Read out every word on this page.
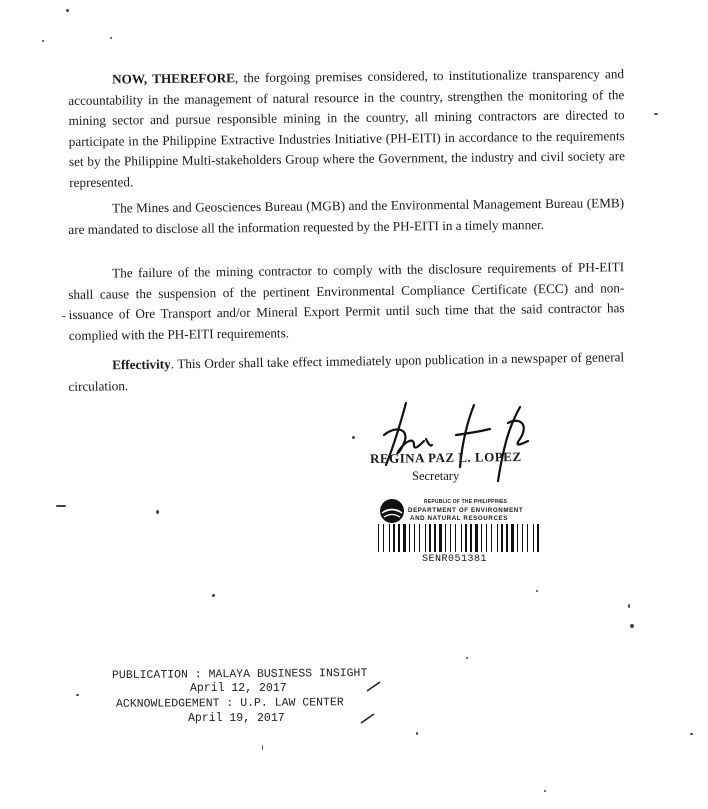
NOW, THEREFORE, the forgoing premises considered, to institutionalize transparency and accountability in the management of natural resource in the country, strengthen the monitoring of the mining sector and pursue responsible mining in the country, all mining contractors are directed to participate in the Philippine Extractive Industries Initiative (PH-EITI) in accordance to the requirements set by the Philippine Multi-stakeholders Group where the Government, the industry and civil society are represented.

The Mines and Geosciences Bureau (MGB) and the Environmental Management Bureau (EMB) are mandated to disclose all the information requested by the PH-EITI in a timely manner.

The failure of the mining contractor to comply with the disclosure requirements of PH-EITI shall cause the suspension of the pertinent Environmental Compliance Certificate (ECC) and non-issuance of Ore Transport and/or Mineral Export Permit until such time that the said contractor has complied with the PH-EITI requirements.

Effectivity. This Order shall take effect immediately upon publication in a newspaper of general circulation.

REGINA PAZ L. LOPEZ
Secretary
REPUBLIC OF THE PHILIPPINES
DEPARTMENT OF ENVIRONMENT
AND NATURAL RESOURCES
SENR051381
PUBLICATION : MALAYA BUSINESS INSIGHT
April 12, 2017
ACKNOWLEDGEMENT : U.P. LAW CENTER
April 19, 2017
